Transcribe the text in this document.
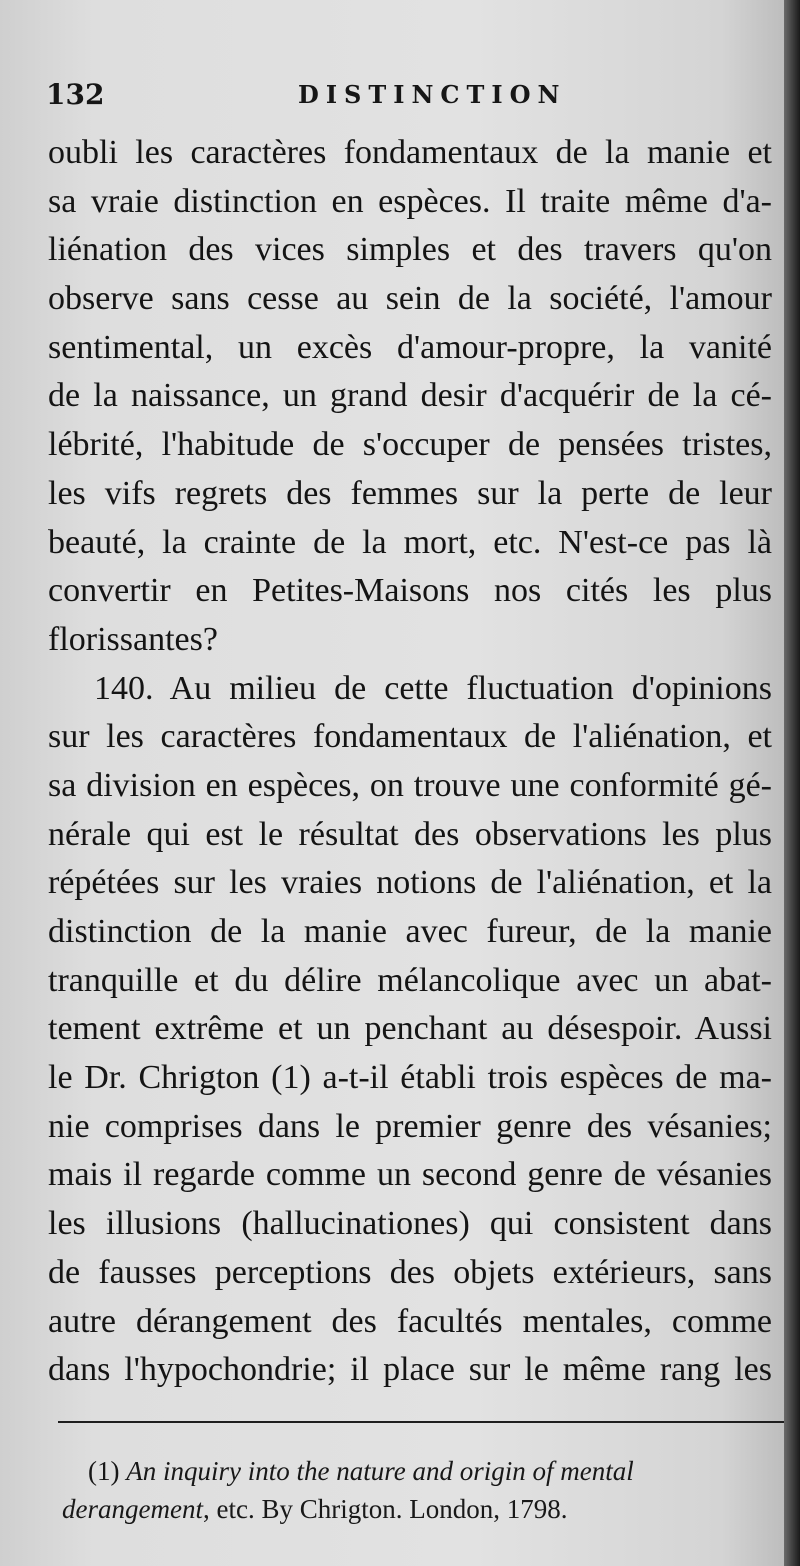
132	DISTINCTION
oubli les caractères fondamentaux de la manie et
sa vraie distinction en espèces. Il traite même d'a-
liénation des vices simples et des travers qu'on
observe sans cesse au sein de la société, l'amour
sentimental, un excès d'amour-propre, la vanité
de la naissance, un grand desir d'acquérir de la cé-
lébrité, l'habitude de s'occuper de pensées tristes,
les vifs regrets des femmes sur la perte de leur
beauté, la crainte de la mort, etc. N'est-ce pas là
convertir en Petites-Maisons nos cités les plus
florissantes?
140. Au milieu de cette fluctuation d'opinions
sur les caractères fondamentaux de l'aliénation, et
sa division en espèces, on trouve une conformité gé-
nérale qui est le résultat des observations les plus
répétées sur les vraies notions de l'aliénation, et la
distinction de la manie avec fureur, de la manie
tranquille et du délire mélancolique avec un abat-
tement extrême et un penchant au désespoir. Aussi
le Dr. Chrigton (1) a-t-il établi trois espèces de ma-
nie comprises dans le premier genre des vésanies;
mais il regarde comme un second genre de vésanies
les illusions (hallucinationes) qui consistent dans
de fausses perceptions des objets extérieurs, sans
autre dérangement des facultés mentales, comme
dans l'hypochondrie; il place sur le même rang les
(1) An inquiry into the nature and origin of mental
derangement, etc. By Chrigton. London, 1798.
